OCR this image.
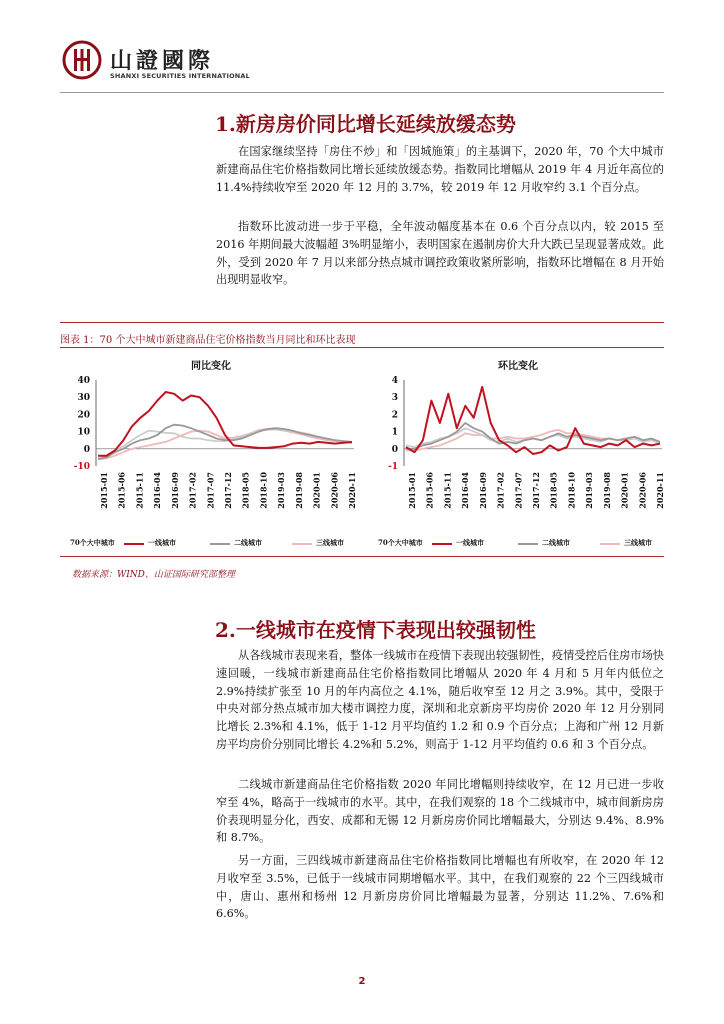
山證國際
SHANXI SECURITIES INTERNATIONAL
1.新房房价同比增长延续放缓态势

在国家继续坚持「房住不炒」和「因城施策」的主基调下，2020 年，70 个大中城市新建商品住宅价格指数同比增长延续放缓态势。指数同比增幅从 2019 年 4 月近年高位的 11.4%持续收窄至 2020 年 12 月的 3.7%，较 2019 年 12 月收窄约 3.1 个百分点。

指数环比波动进一步于平稳，全年波动幅度基本在 0.6 个百分点以内，较 2015 至 2016 年期间最大波幅超 3%明显缩小，表明国家在遏制房价大升大跌已呈现显著成效。此外，受到 2020 年 7 月以来部分热点城市调控政策收紧所影响，指数环比增幅在 8 月开始出现明显收窄。

图表 1：70 个大中城市新建商品住宅价格指数当月同比和环比表现
同比变化	环比变化
40
30
20
10
0
-10
2015-01 2015-06 2015-11 2016-04 2016-09 2017-02 2017-07 2017-12 2018-05 2018-10 2019-03 2019-08 2020-01 2020-06 2020-11
4
3
2
1
0
-1
2015-01 2015-06 2015-11 2016-04 2016-09 2017-02 2017-07 2017-12 2018-05 2018-10 2019-03 2019-08 2020-01 2020-06 2020-11
70个大中城市	一线城市	二线城市	三线城市	70个大中城市	一线城市	二线城市	三线城市
数据来源：WIND、山证国际研究部整理
2.一线城市在疫情下表现出较强韧性

从各线城市表现来看，整体一线城市在疫情下表现出较强韧性，疫情受控后住房市场快速回暖，一线城市新建商品住宅价格指数同比增幅从 2020 年 4 月和 5 月年内低位之 2.9%持续扩张至 10 月的年内高位之 4.1%，随后收窄至 12 月之 3.9%。其中，受限于中央对部分热点城市加大楼市调控力度，深圳和北京新房平均房价 2020 年 12 月分别同比增长 2.3%和 4.1%，低于 1-12 月平均值约 1.2 和 0.9 个百分点；上海和广州 12 月新房平均房价分别同比增长 4.2%和 5.2%，则高于 1-12 月平均值约 0.6 和 3 个百分点。

二线城市新建商品住宅价格指数 2020 年同比增幅则持续收窄，在 12 月已进一步收窄至 4%，略高于一线城市的水平。其中，在我们观察的 18 个二线城市中，城市间新房房价表现明显分化，西安、成都和无锡 12 月新房房价同比增幅最大，分别达 9.4%、8.9%和 8.7%。

另一方面，三四线城市新建商品住宅价格指数同比增幅也有所收窄，在 2020 年 12 月收窄至 3.5%，已低于一线城市同期增幅水平。其中，在我们观察的 22 个三四线城市中，唐山、惠州和杨州 12 月新房房价同比增幅最为显著，分别达 11.2%、7.6%和 6.6%。

2
